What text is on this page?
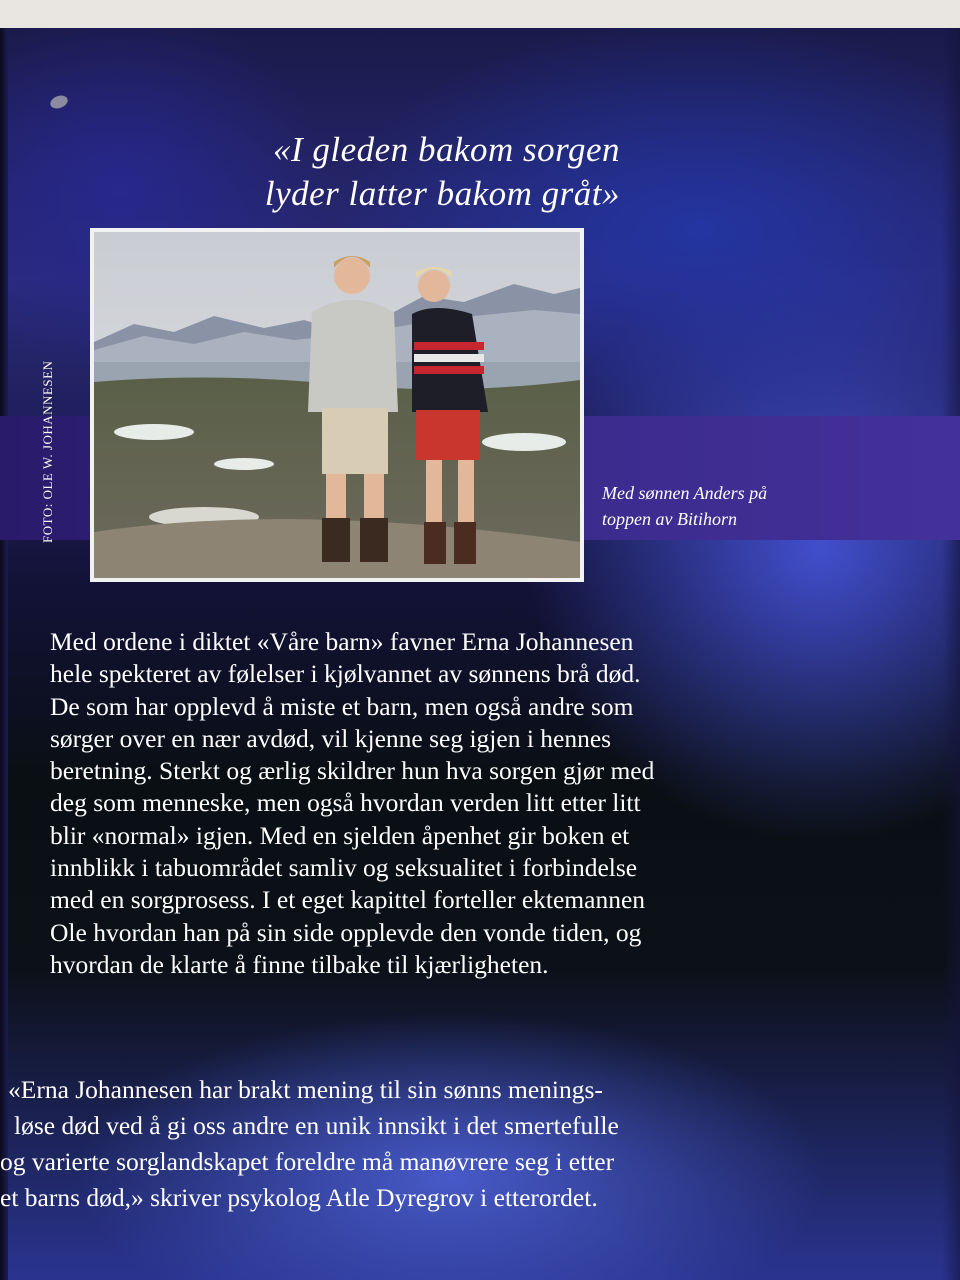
«I gleden bakom sorgen
lyder latter bakom gråt»
FOTO: OLE W. JOHANNESEN	Med sønnen Anders på
toppen av Bitihorn
Med ordene i diktet «Våre barn» favner Erna Johannesen
hele spekteret av følelser i kjølvannet av sønnens brå død.
De som har opplevd å miste et barn, men også andre som
sørger over en nær avdød, vil kjenne seg igjen i hennes
beretning. Sterkt og ærlig skildrer hun hva sorgen gjør med
deg som menneske, men også hvordan verden litt etter litt
blir «normal» igjen. Med en sjelden åpenhet gir boken et
innblikk i tabuområdet samliv og seksualitet i forbindelse
med en sorgprosess. I et eget kapittel forteller ektemannen
Ole hvordan han på sin side opplevde den vonde tiden, og
hvordan de klarte å finne tilbake til kjærligheten.
«Erna Johannesen har brakt mening til sin sønns menings-
løse død ved å gi oss andre en unik innsikt i det smertefulle
og varierte sorglandskapet foreldre må manøvrere seg i etter
et barns død,» skriver psykolog Atle Dyregrov i etterordet.
